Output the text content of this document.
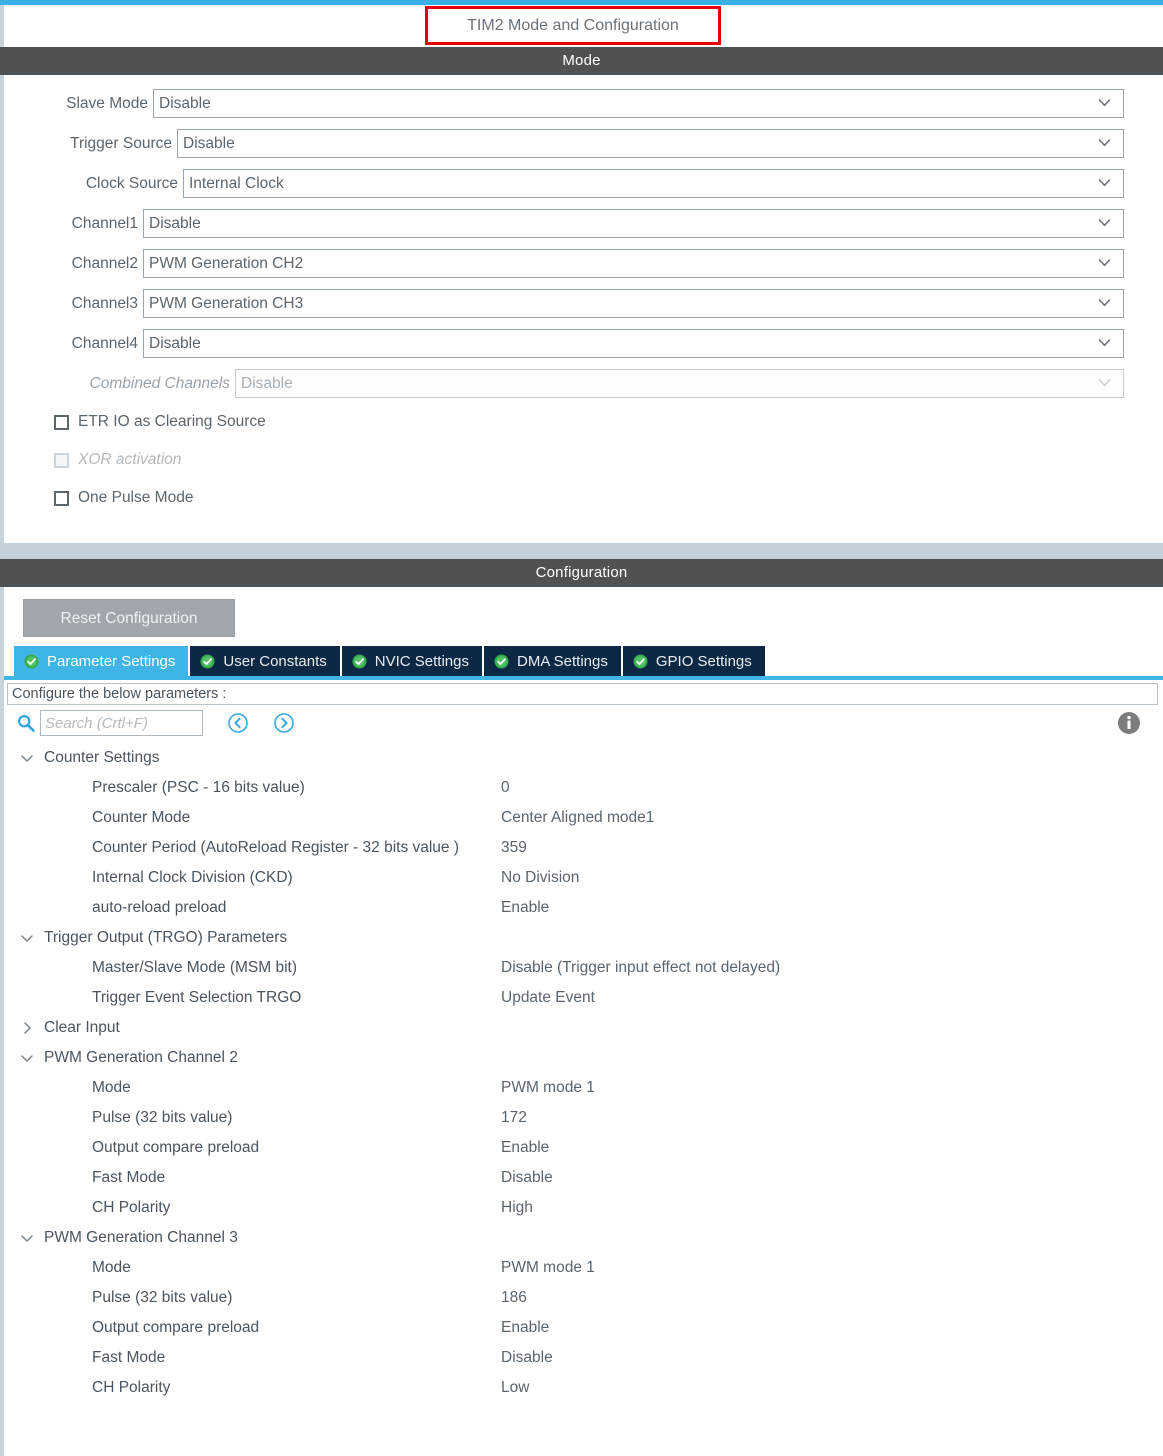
TIM2 Mode and Configuration
Mode
Slave Mode Disable
Trigger Source Disable
Clock Source Internal Clock
Channel1 Disable
Channel2 PWM Generation CH2
Channel3 PWM Generation CH3
Channel4 Disable
Combined Channels Disable
ETR IO as Clearing Source
XOR activation
One Pulse Mode
Configuration
Reset Configuration
Parameter Settings	User Constants	NVIC Settings	DMA Settings	GPIO Settings
Configure the below parameters :
Search (Crtl+F)
Counter Settings
Prescaler (PSC - 16 bits value)	0
Counter Mode	Center Aligned mode1
Counter Period (AutoReload Register - 32 bits value )	359
Internal Clock Division (CKD)	No Division
auto-reload preload	Enable
Trigger Output (TRGO) Parameters
Master/Slave Mode (MSM bit)	Disable (Trigger input effect not delayed)
Trigger Event Selection TRGO	Update Event
Clear Input
PWM Generation Channel 2
Mode	PWM mode 1
Pulse (32 bits value)	172
Output compare preload	Enable
Fast Mode	Disable
CH Polarity	High
PWM Generation Channel 3
Mode	PWM mode 1
Pulse (32 bits value)	186
Output compare preload	Enable
Fast Mode	Disable
CH Polarity	Low
